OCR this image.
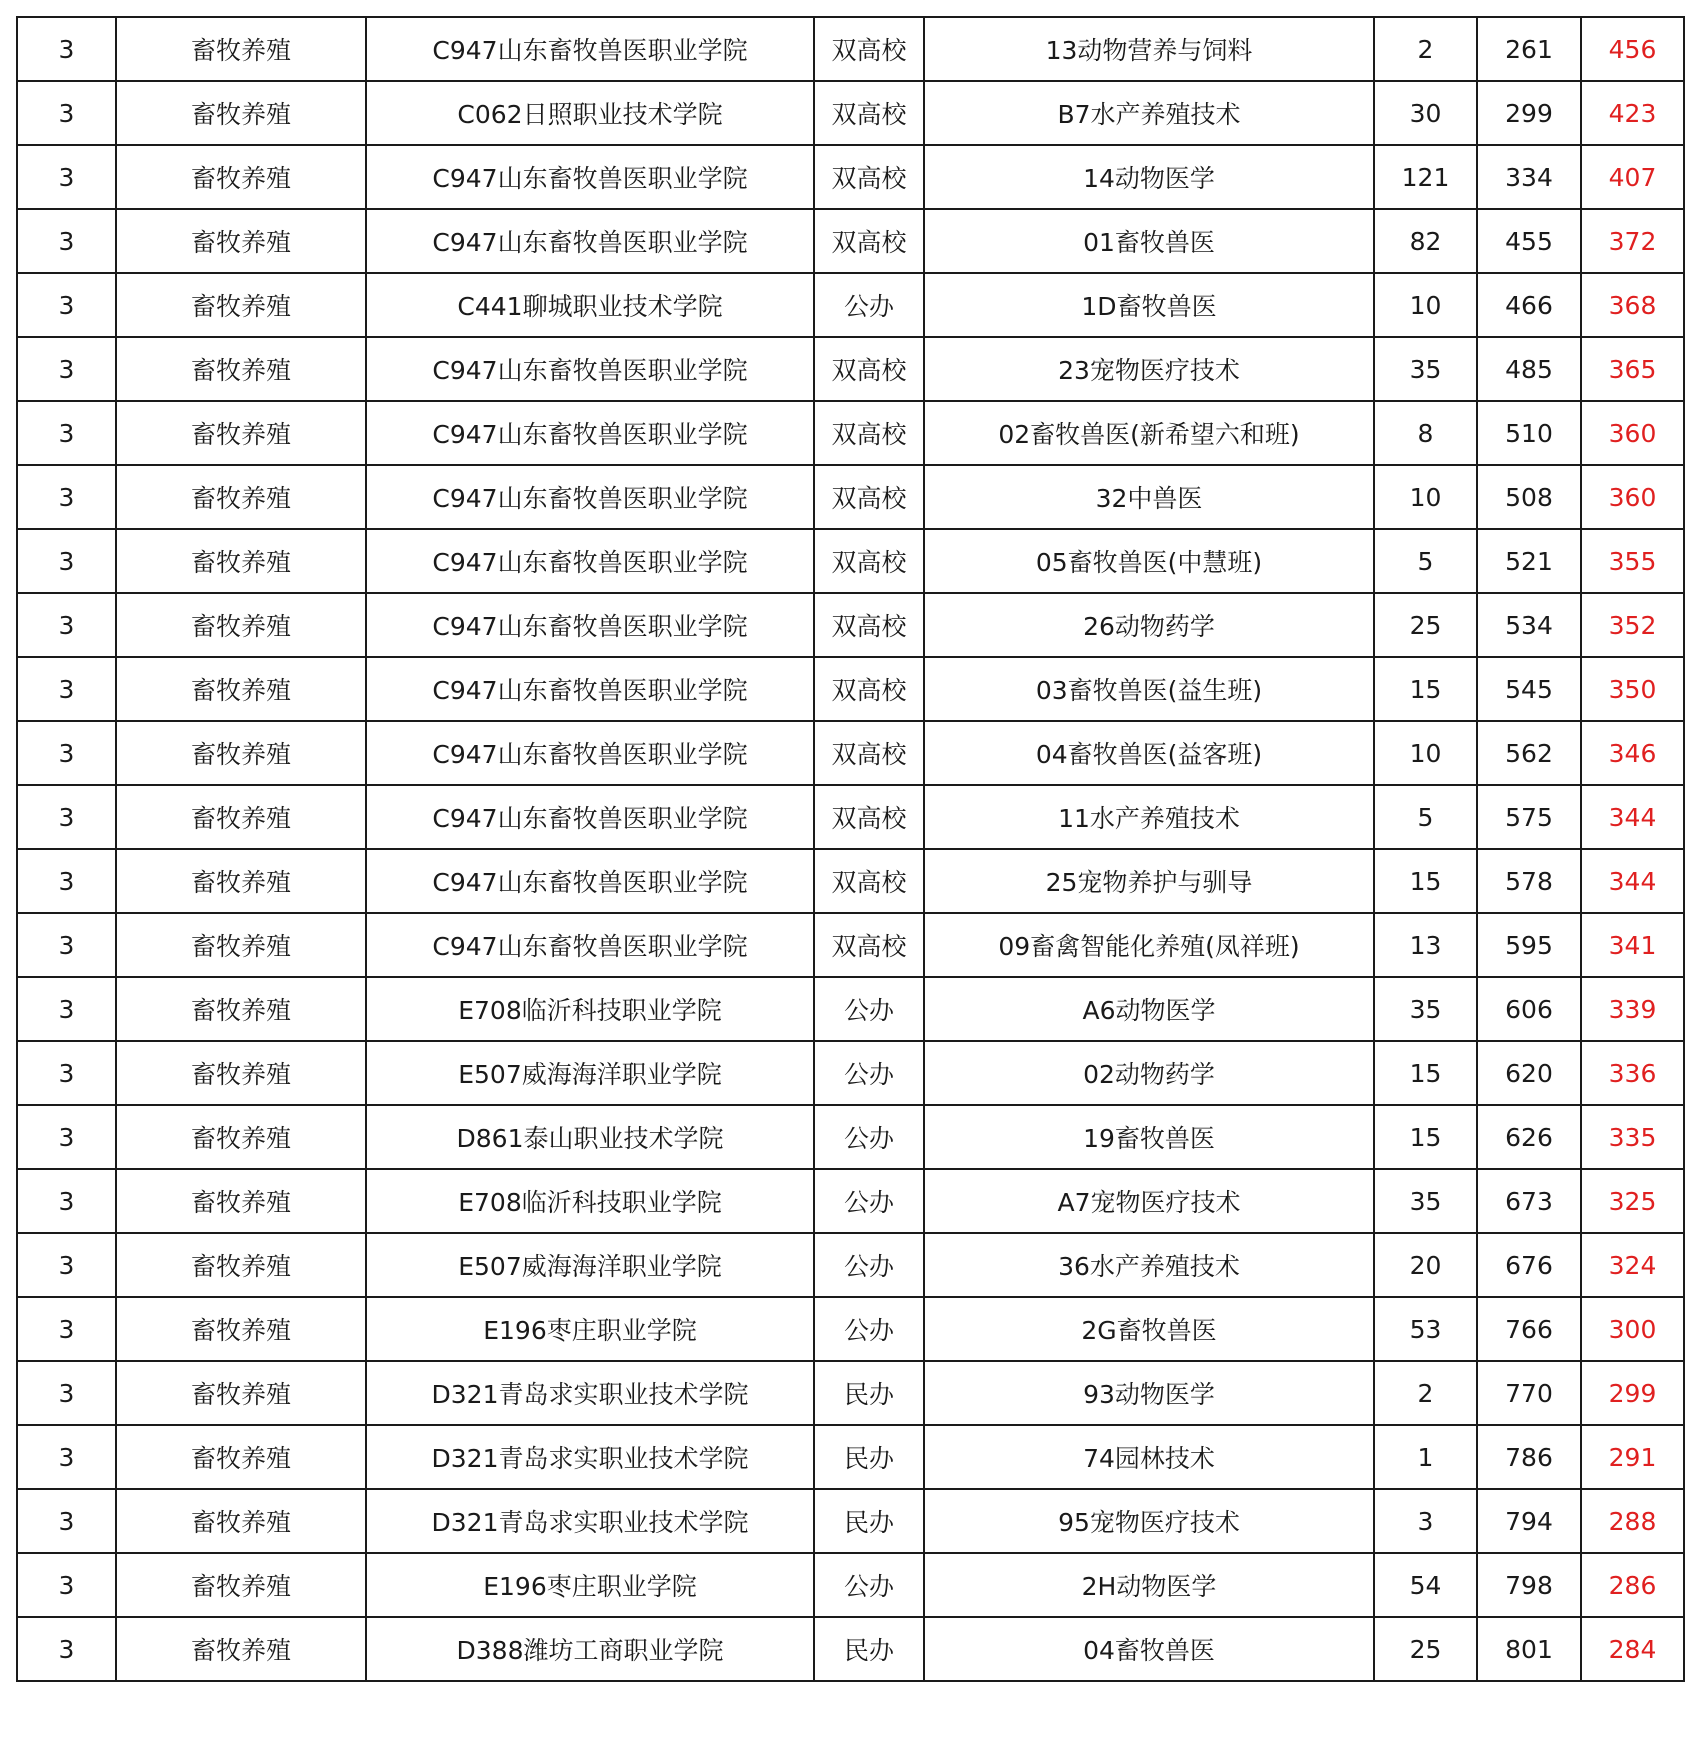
3	畜牧养殖	C947山东畜牧兽医职业学院	双高校	13动物营养与饲料	2	261	456
3	畜牧养殖	C062日照职业技术学院	双高校	B7水产养殖技术	30	299	423
3	畜牧养殖	C947山东畜牧兽医职业学院	双高校	14动物医学	121	334	407
3	畜牧养殖	C947山东畜牧兽医职业学院	双高校	01畜牧兽医	82	455	372
3	畜牧养殖	C441聊城职业技术学院	公办	1D畜牧兽医	10	466	368
3	畜牧养殖	C947山东畜牧兽医职业学院	双高校	23宠物医疗技术	35	485	365
3	畜牧养殖	C947山东畜牧兽医职业学院	双高校	02畜牧兽医(新希望六和班)	8	510	360
3	畜牧养殖	C947山东畜牧兽医职业学院	双高校	32中兽医	10	508	360
3	畜牧养殖	C947山东畜牧兽医职业学院	双高校	05畜牧兽医(中慧班)	5	521	355
3	畜牧养殖	C947山东畜牧兽医职业学院	双高校	26动物药学	25	534	352
3	畜牧养殖	C947山东畜牧兽医职业学院	双高校	03畜牧兽医(益生班)	15	545	350
3	畜牧养殖	C947山东畜牧兽医职业学院	双高校	04畜牧兽医(益客班)	10	562	346
3	畜牧养殖	C947山东畜牧兽医职业学院	双高校	11水产养殖技术	5	575	344
3	畜牧养殖	C947山东畜牧兽医职业学院	双高校	25宠物养护与驯导	15	578	344
3	畜牧养殖	C947山东畜牧兽医职业学院	双高校	09畜禽智能化养殖(凤祥班)	13	595	341
3	畜牧养殖	E708临沂科技职业学院	公办	A6动物医学	35	606	339
3	畜牧养殖	E507威海海洋职业学院	公办	02动物药学	15	620	336
3	畜牧养殖	D861泰山职业技术学院	公办	19畜牧兽医	15	626	335
3	畜牧养殖	E708临沂科技职业学院	公办	A7宠物医疗技术	35	673	325
3	畜牧养殖	E507威海海洋职业学院	公办	36水产养殖技术	20	676	324
3	畜牧养殖	E196枣庄职业学院	公办	2G畜牧兽医	53	766	300
3	畜牧养殖	D321青岛求实职业技术学院	民办	93动物医学	2	770	299
3	畜牧养殖	D321青岛求实职业技术学院	民办	74园林技术	1	786	291
3	畜牧养殖	D321青岛求实职业技术学院	民办	95宠物医疗技术	3	794	288
3	畜牧养殖	E196枣庄职业学院	公办	2H动物医学	54	798	286
3	畜牧养殖	D388潍坊工商职业学院	民办	04畜牧兽医	25	801	284
